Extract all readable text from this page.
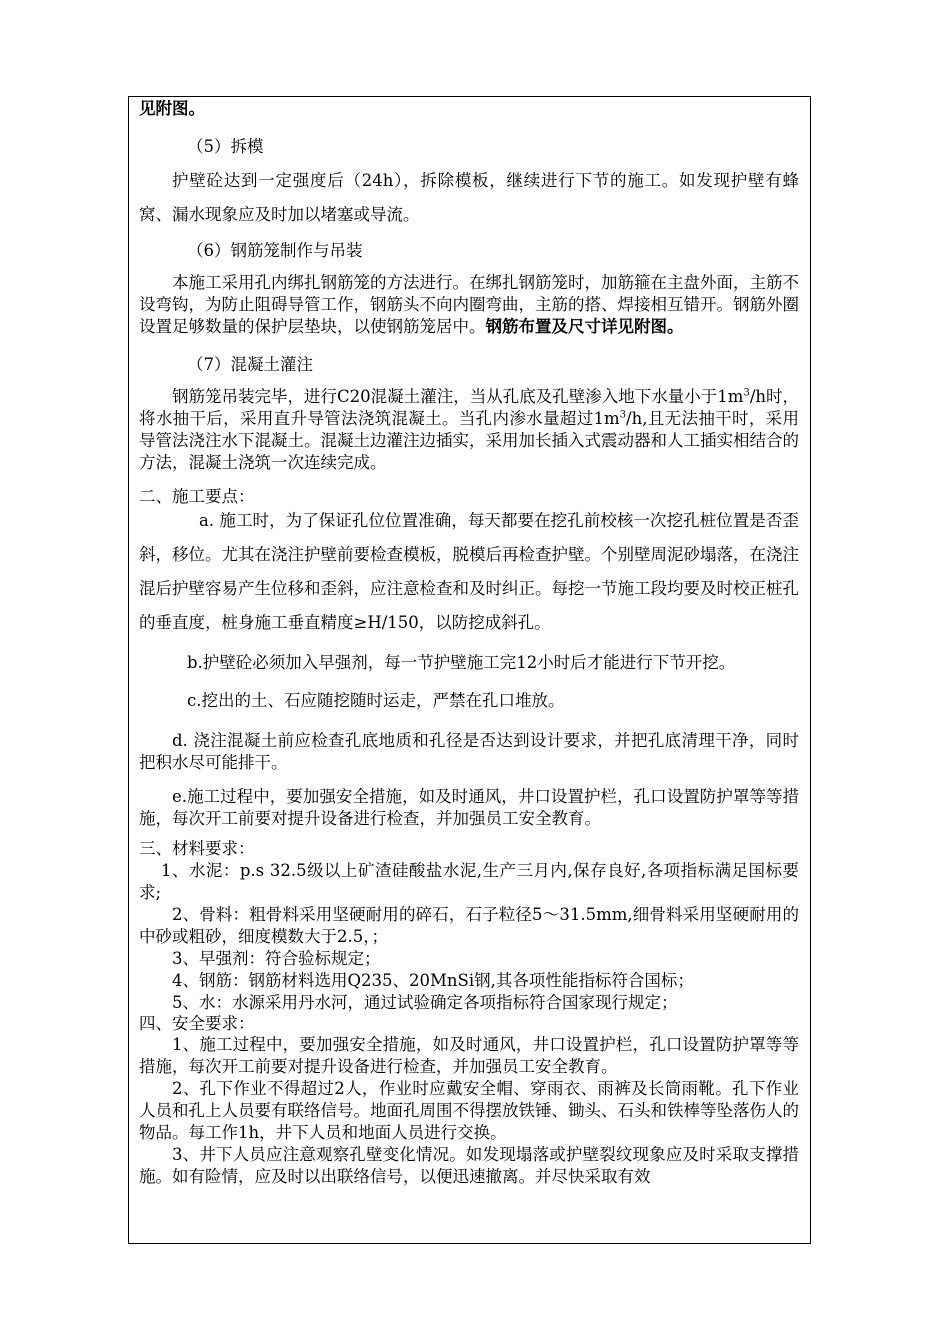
见附图。

（5）拆模

护壁砼达到一定强度后（24h），拆除模板，继续进行下节的施工。如发现护壁有蜂窝、漏水现象应及时加以堵塞或导流。

（6）钢筋笼制作与吊装

本施工采用孔内绑扎钢筋笼的方法进行。在绑扎钢筋笼时，加筋箍在主盘外面，主筋不设弯钩，为防止阻碍导管工作，钢筋头不向内圈弯曲，主筋的搭、焊接相互错开。钢筋外圈设置足够数量的保护层垫块，以使钢筋笼居中。钢筋布置及尺寸详见附图。

（7）混凝土灌注

钢筋笼吊装完毕，进行C20混凝土灌注，当从孔底及孔壁渗入地下水量小于$1m^3/h$时，将水抽干后，采用直升导管法浇筑混凝土。当孔内渗水量超过$1m^3/h$,且无法抽干时，采用导管法浇注水下混凝土。混凝土边灌注边插实，采用加长插入式震动器和人工插实相结合的方法，混凝土浇筑一次连续完成。

二、施工要点：

a. 施工时，为了保证孔位位置准确，每天都要在挖孔前校核一次挖孔桩位置是否歪斜，移位。尤其在浇注护壁前要检查模板，脱模后再检查护壁。个别壁周泥砂塌落，在浇注混后护壁容易产生位移和歪斜，应注意检查和及时纠正。每挖一节施工段均要及时校正桩孔的垂直度，桩身施工垂直精度≥H/150，以防挖成斜孔。

b.护壁砼必须加入早强剂，每一节护壁施工完12小时后才能进行下节开挖。

c.挖出的土、石应随挖随时运走，严禁在孔口堆放。

d. 浇注混凝土前应检查孔底地质和孔径是否达到设计要求，并把孔底清理干净，同时把积水尽可能排干。

e.施工过程中，要加强安全措施，如及时通风，井口设置护栏，孔口设置防护罩等等措施，每次开工前要对提升设备进行检查，并加强员工安全教育。

三、材料要求：

1、水泥：p.s 32.5级以上矿渣硅酸盐水泥,生产三月内,保存良好,各项指标满足国标要求;

2、骨料：粗骨料采用坚硬耐用的碎石，石子粒径5～31.5mm,细骨料采用坚硬耐用的中砂或粗砂，细度模数大于2.5，；

3、早强剂：符合验标规定；

4、钢筋：钢筋材料选用Q235、20MnSi钢,其各项性能指标符合国标；

5、水：水源采用丹水河，通过试验确定各项指标符合国家现行规定；

四、安全要求：

1、施工过程中，要加强安全措施，如及时通风，井口设置护栏，孔口设置防护罩等等措施，每次开工前要对提升设备进行检查，并加强员工安全教育。

2、孔下作业不得超过2人，作业时应戴安全帽、穿雨衣、雨裤及长筒雨靴。孔下作业人员和孔上人员要有联络信号。地面孔周围不得摆放铁锤、锄头、石头和铁棒等坠落伤人的物品。每工作1h，井下人员和地面人员进行交换。

3、井下人员应注意观察孔壁变化情况。如发现塌落或护壁裂纹现象应及时采取支撑措施。如有险情，应及时以出联络信号，以便迅速撤离。并尽快采取有效
